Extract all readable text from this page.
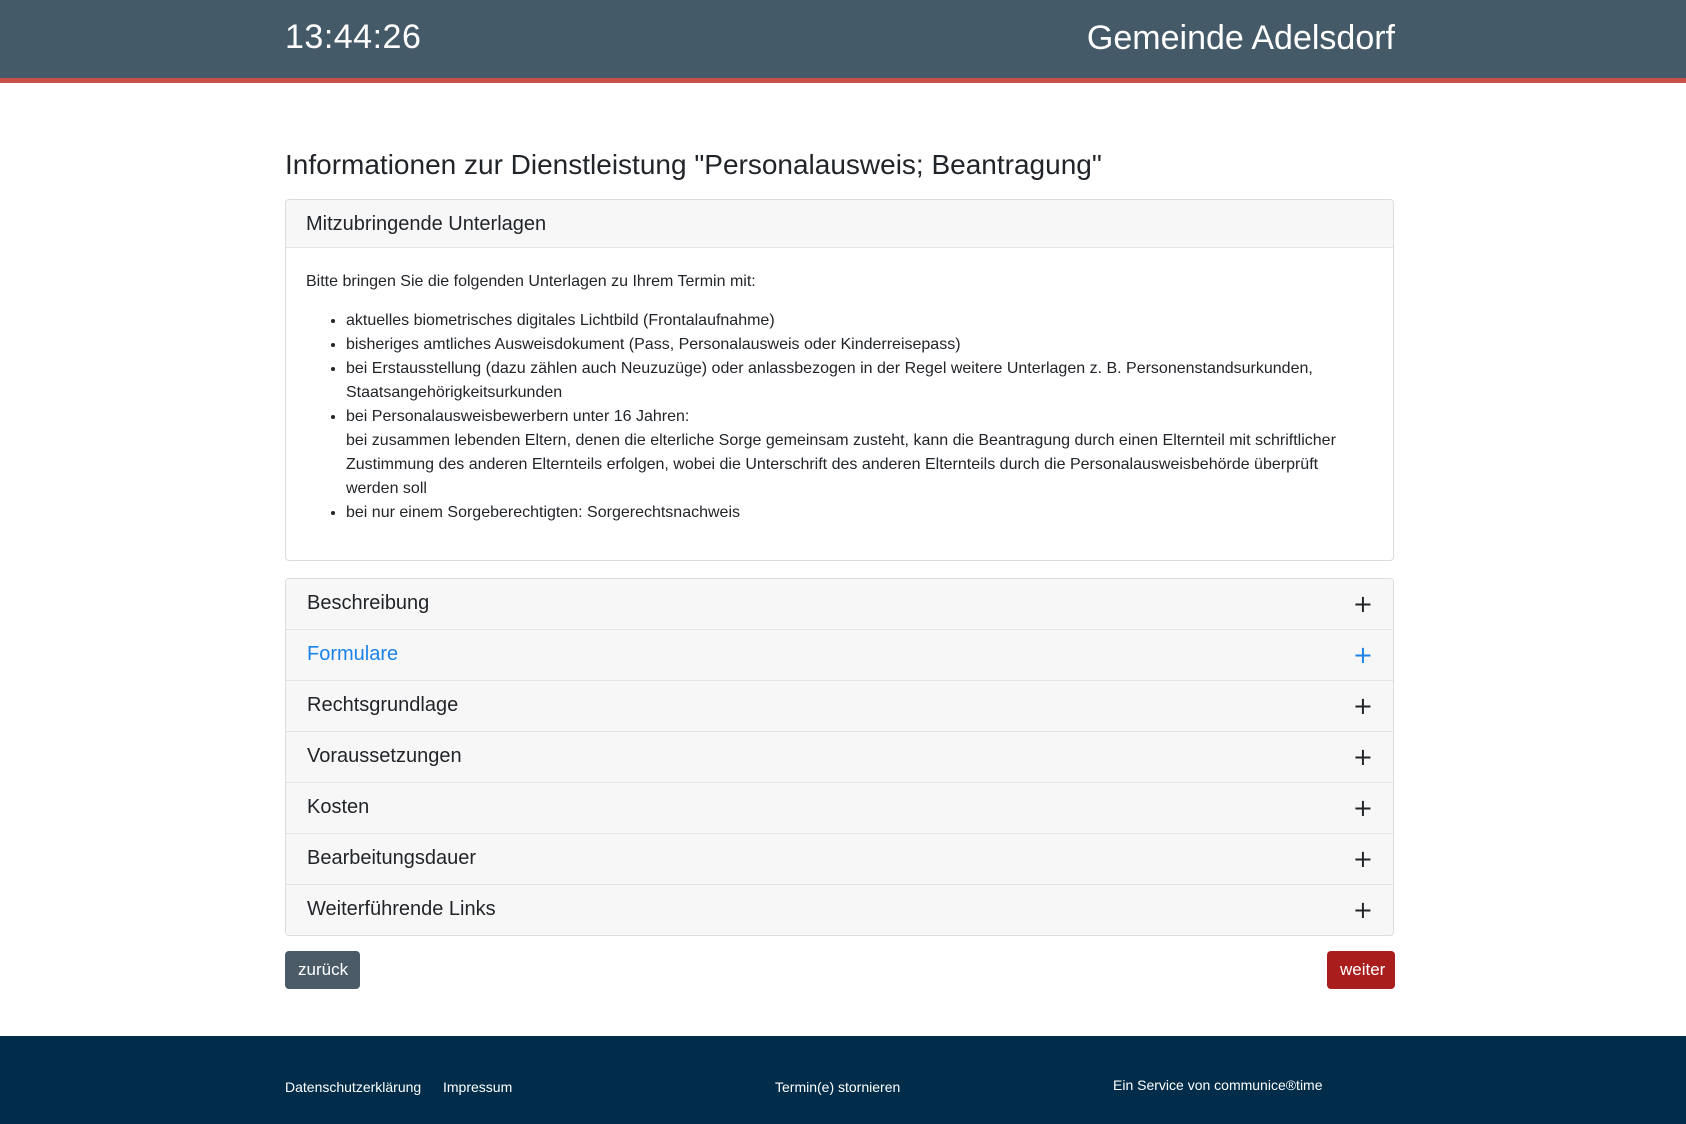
13:44:26	Gemeinde Adelsdorf
Informationen zur Dienstleistung "Personalausweis; Beantragung"
Mitzubringende Unterlagen

Bitte bringen Sie die folgenden Unterlagen zu Ihrem Termin mit:

• aktuelles biometrisches digitales Lichtbild (Frontalaufnahme)
• bisheriges amtliches Ausweisdokument (Pass, Personalausweis oder Kinderreisepass)
• bei Erstausstellung (dazu zählen auch Neuzuzüge) oder anlassbezogen in der Regel weitere Unterlagen z. B. Personenstandsurkunden, Staatsangehörigkeitsurkunden
• bei Personalausweisbewerbern unter 16 Jahren:
bei zusammen lebenden Eltern, denen die elterliche Sorge gemeinsam zusteht, kann die Beantragung durch einen Elternteil mit schriftlicher Zustimmung des anderen Elternteils erfolgen, wobei die Unterschrift des anderen Elternteils durch die Personalausweisbehörde überprüft werden soll
• bei nur einem Sorgeberechtigten: Sorgerechtsnachweis
Beschreibung	+
Formulare	+
Rechtsgrundlage	+
Voraussetzungen	+
Kosten	+
Bearbeitungsdauer	+
Weiterführende Links	+
zurück	weiter
Datenschutzerklärung Impressum	Termin(e) stornieren	Ein Service von communice®time
